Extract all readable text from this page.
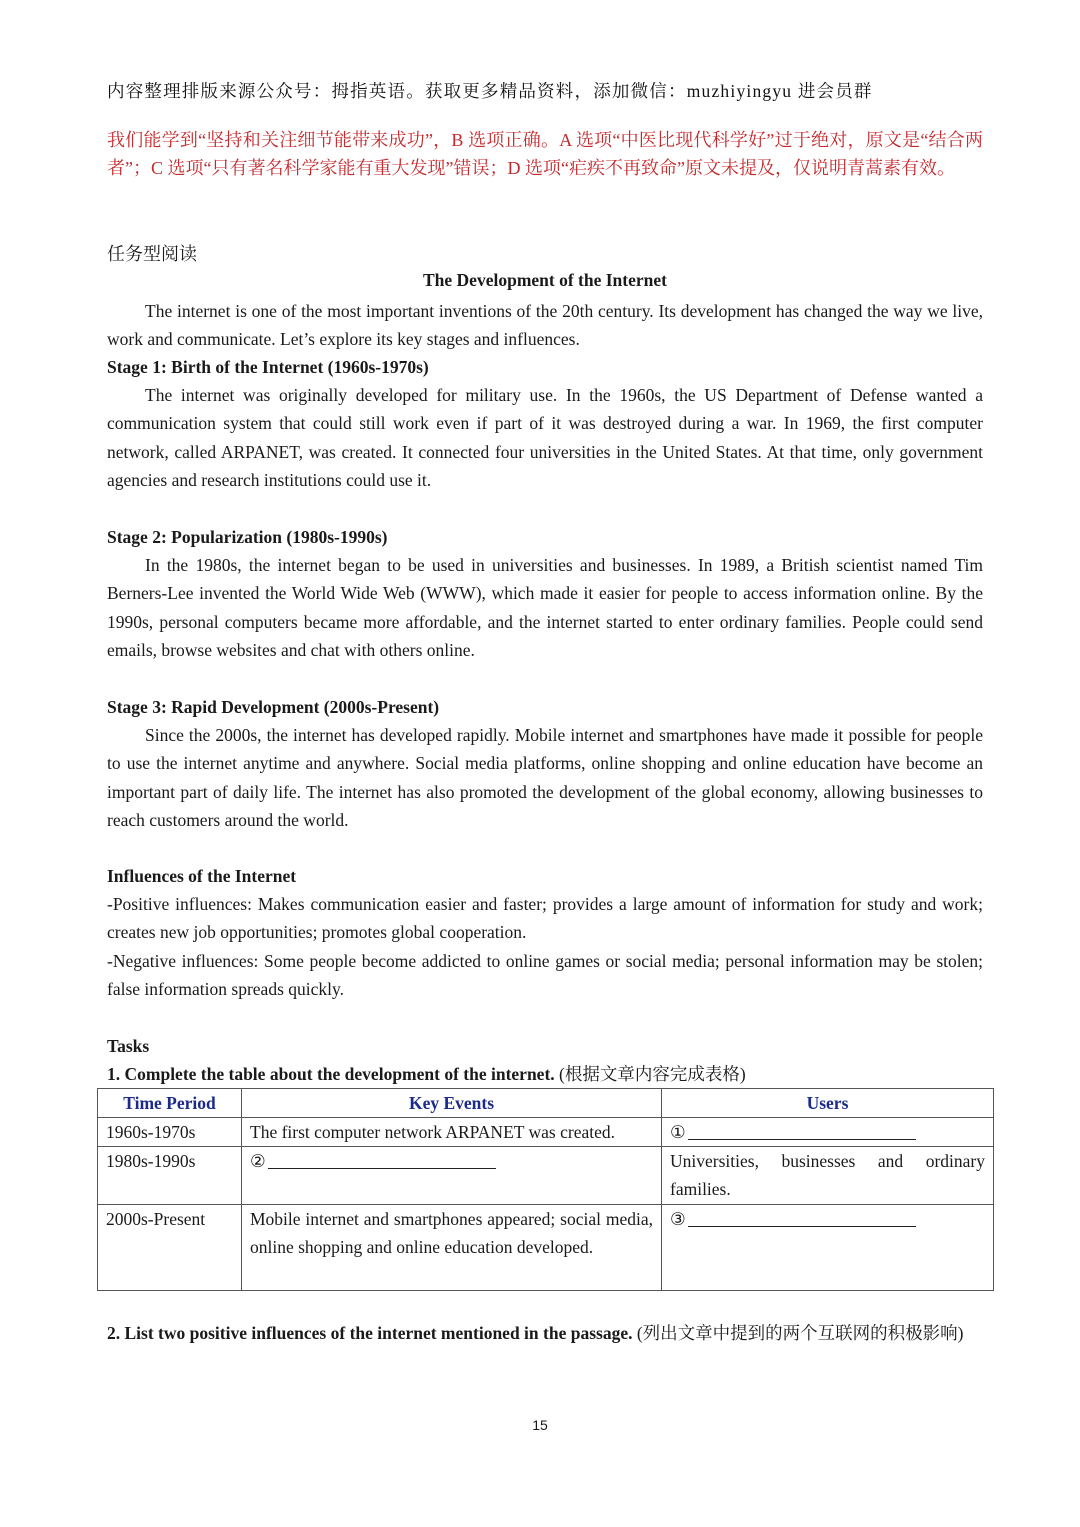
内容整理排版来源公众号：拇指英语。获取更多精品资料，添加微信：muzhiyingyu 进会员群
我们能学到“坚持和关注细节能带来成功”，B 选项正确。A 选项“中医比现代科学好”过于绝对，原文是“结合两者”；C 选项“只有著名科学家能有重大发现”错误；D 选项“疟疾不再致命”原文未提及，仅说明青蒿素有效。
任务型阅读
The Development of the Internet

The internet is one of the most important inventions of the 20th century. Its development has changed the way we live, work and communicate. Let’s explore its key stages and influences.

Stage 1: Birth of the Internet (1960s-1970s)

The internet was originally developed for military use. In the 1960s, the US Department of Defense wanted a communication system that could still work even if part of it was destroyed during a war. In 1969, the first computer network, called ARPANET, was created. It connected four universities in the United States. At that time, only government agencies and research institutions could use it.

Stage 2: Popularization (1980s-1990s)

In the 1980s, the internet began to be used in universities and businesses. In 1989, a British scientist named Tim Berners-Lee invented the World Wide Web (WWW), which made it easier for people to access information online. By the 1990s, personal computers became more affordable, and the internet started to enter ordinary families. People could send emails, browse websites and chat with others online.

Stage 3: Rapid Development (2000s-Present)

Since the 2000s, the internet has developed rapidly. Mobile internet and smartphones have made it possible for people to use the internet anytime and anywhere. Social media platforms, online shopping and online education have become an important part of daily life. The internet has also promoted the development of the global economy, allowing businesses to reach customers around the world.

Influences of the Internet

-Positive influences: Makes communication easier and faster; provides a large amount of information for study and work; creates new job opportunities; promotes global cooperation.

-Negative influences: Some people become addicted to online games or social media; personal information may be stolen; false information spreads quickly.

Tasks
1. Complete the table about the development of the internet. (根据文章内容完成表格)
Time Period	Key Events	Users
1960s-1970s	The first computer network ARPANET was created.	①
1980s-1990s	②	Universities, businesses and ordinary families.
2000s-Present	Mobile internet and smartphones appeared; social media, online shopping and online education developed.	③
2. List two positive influences of the internet mentioned in the passage. (列出文章中提到的两个互联网的积极影响)
15
